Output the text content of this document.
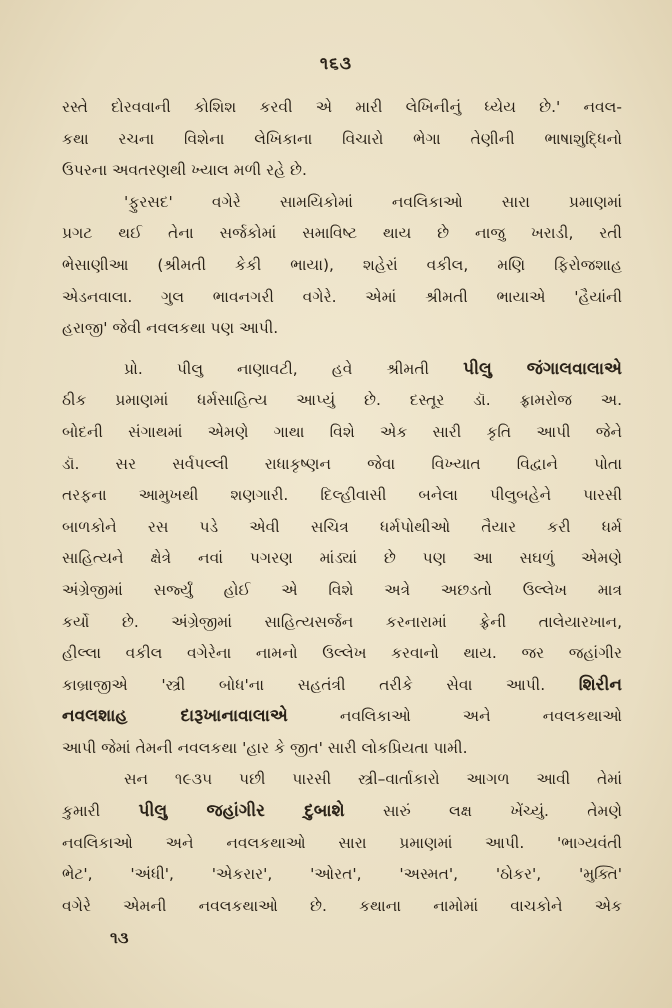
૧૬૩
રસ્તે દોરવવાની કોશિશ કરવી એ મારી લેખિનીનું ધ્યેય છે.' નવલ-
કથા રચના વિશેના લેખિકાના વિચારો ભેગા તેણીની ભાષાશુદ્ધિનો
ઉપરના અવતરણથી ખ્યાલ મળી રહે છે.
'ફુરસદ' વગેરે સામયિકોમાં નવલિકાઓ સારા પ્રમાણમાં
પ્રગટ થઈ તેના સર્જકોમાં સમાવિષ્ટ થાય છે નાજુ ખરાડી, રતી
ભેસાણીઆ (શ્રીમતી કેકી ભાયા), શહેરાં વકીલ, મણિ ફિરોજશાહ
એડનવાલા. ગુલ ભાવનગરી વગેરે. એમાં શ્રીમતી ભાયાએ 'હૈયાંની
હરાજી' જેવી નવલકથા પણ આપી.
પ્રો. પીલુ નાણાવટી, હવે શ્રીમતી પીલુ જંગાલવાલાએ
ઠીક પ્રમાણમાં ધર્મસાહિત્ય આપ્યું છે. દસ્તૂર ડૉ. ફ્રામરોજ અ.
બોદની સંગાથમાં એમણે ગાથા વિશે એક સારી કૃતિ આપી જેને
ડૉ. સર સર્વપલ્લી રાધાકૃષ્ણન જેવા વિખ્યાત વિદ્વાને પોતા
તરફના આમુખથી શણગારી. દિલ્હીવાસી બનેલા પીલુબહેને પારસી
બાળકોને રસ પડે એવી સચિત્ર ધર્મપોથીઓ તૈયાર કરી ધર્મ
સાહિત્યને ક્ષેત્રે નવાં પગરણ માંડ્યાં છે પણ આ સઘળું એમણે
અંગ્રેજીમાં સર્જ્યું હોઈ એ વિશે અત્રે અછડતો ઉલ્લેખ માત્ર
કર્યો છે. અંગ્રેજીમાં સાહિત્યસર્જન કરનારામાં ફ્રેની તાલેયારખાન,
હીલ્લા વકીલ વગેરેના નામનો ઉલ્લેખ કરવાનો થાય. જર જહાંગીર
કાબ્રાજીએ 'સ્ત્રી બોધ'ના સહતંત્રી તરીકે સેવા આપી. શિરીન
નવલશાહ દારૂખાનાવાલાએ	નવલિકાઓ અને નવલકથાઓ
આપી જેમાં તેમની નવલકથા 'હાર કે જીત' સારી લોકપ્રિયતા પામી.
સન ૧૯૩૫ પછી પારસી સ્ત્રી–વાર્તાકારો આગળ આવી તેમાં
કુમારી પીલુ જહાંગીર દુબાશે સારું લક્ષ ખેંચ્યું. તેમણે
નવલિકાઓ અને નવલકથાઓ સારા પ્રમાણમાં આપી. 'ભાગ્યવંતી
ભેટ', 'અંધી', 'એકરાર', 'ઓરત', 'અસ્મત', 'ઠોકર', 'મુક્તિ'
વગેરે એમની નવલકથાઓ છે. કથાના નામોમાં વાચકોને એક
૧૩
